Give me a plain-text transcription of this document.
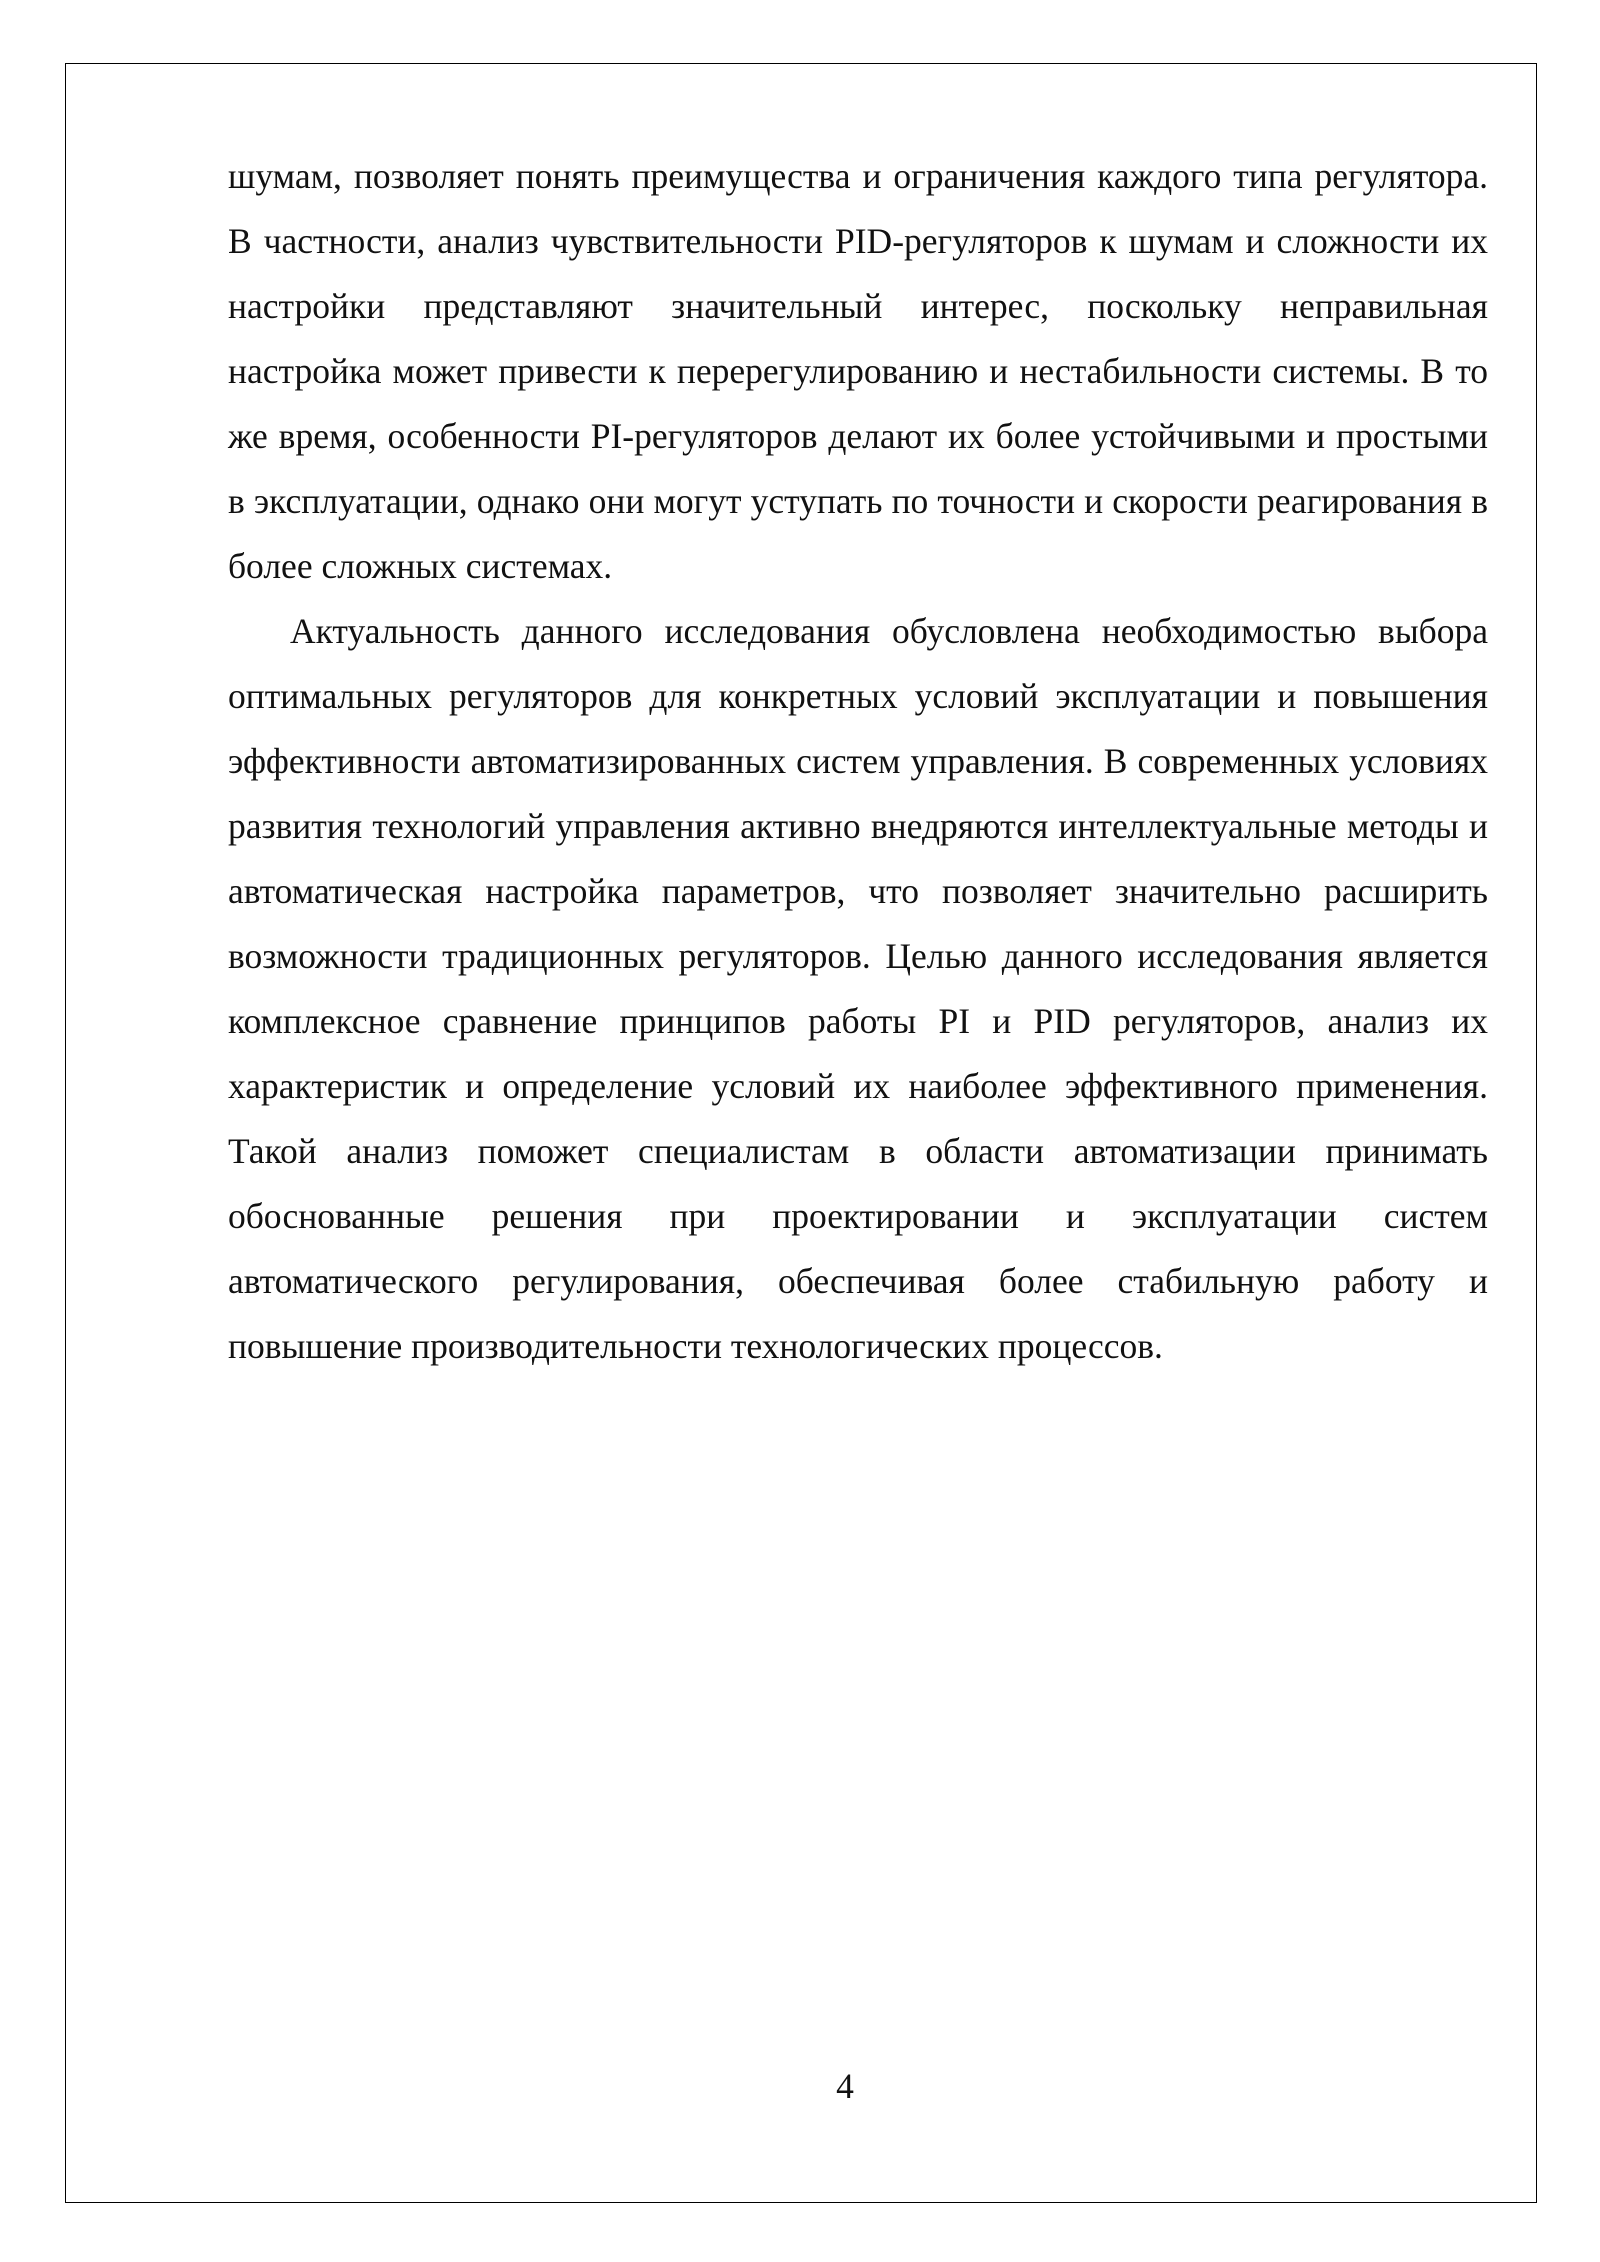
шумам, позволяет понять преимущества и ограничения каждого типа регулятора. В частности, анализ чувствительности PID-регуляторов к шумам и сложности их настройки представляют значительный интерес, поскольку неправильная настройка может привести к перерегулированию и нестабильности системы. В то же время, особенности PI-регуляторов делают их более устойчивыми и простыми в эксплуатации, однако они могут уступать по точности и скорости реагирования в более сложных системах.

Актуальность данного исследования обусловлена необходимостью выбора оптимальных регуляторов для конкретных условий эксплуатации и повышения эффективности автоматизированных систем управления. В современных условиях развития технологий управления активно внедряются интеллектуальные методы и автоматическая настройка параметров, что позволяет значительно расширить возможности традиционных регуляторов. Целью данного исследования является комплексное сравнение принципов работы PI и PID регуляторов, анализ их характеристик и определение условий их наиболее эффективного применения. Такой анализ поможет специалистам в области автоматизации принимать обоснованные решения при проектировании и эксплуатации систем автоматического регулирования, обеспечивая более стабильную работу и повышение производительности технологических процессов.

4
